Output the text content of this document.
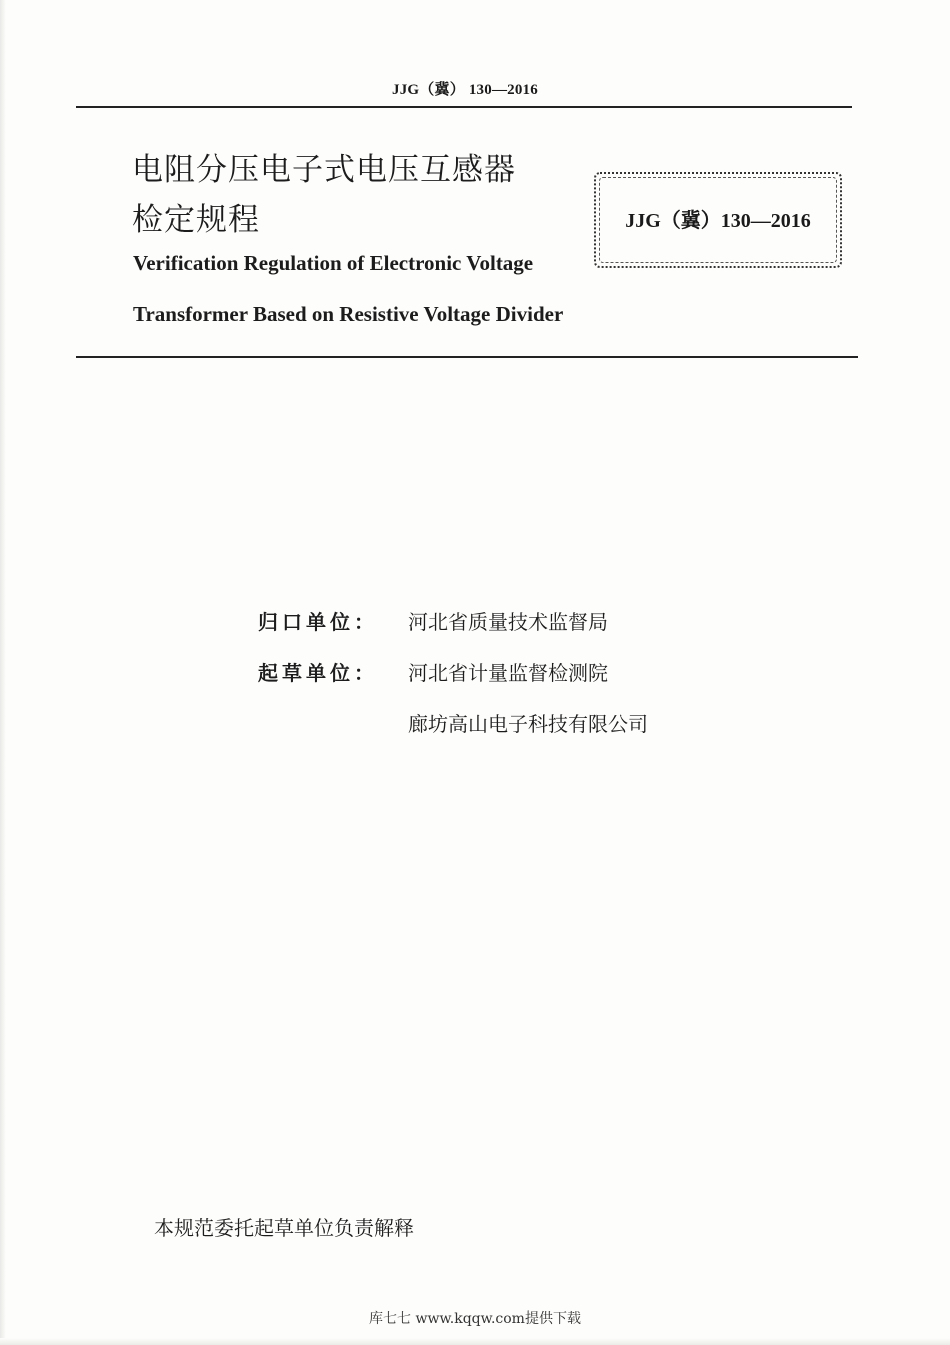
JJG（冀） 130—2016
电阻分压电子式电压互感器
检定规程	JJG（冀）130—2016
Verification Regulation of Electronic Voltage
Transformer Based on Resistive Voltage Divider
归口单位： 河北省质量技术监督局
起草单位： 河北省计量监督检测院
廊坊高山电子科技有限公司
本规范委托起草单位负责解释
库七七 www.kqqw.com提供下载
